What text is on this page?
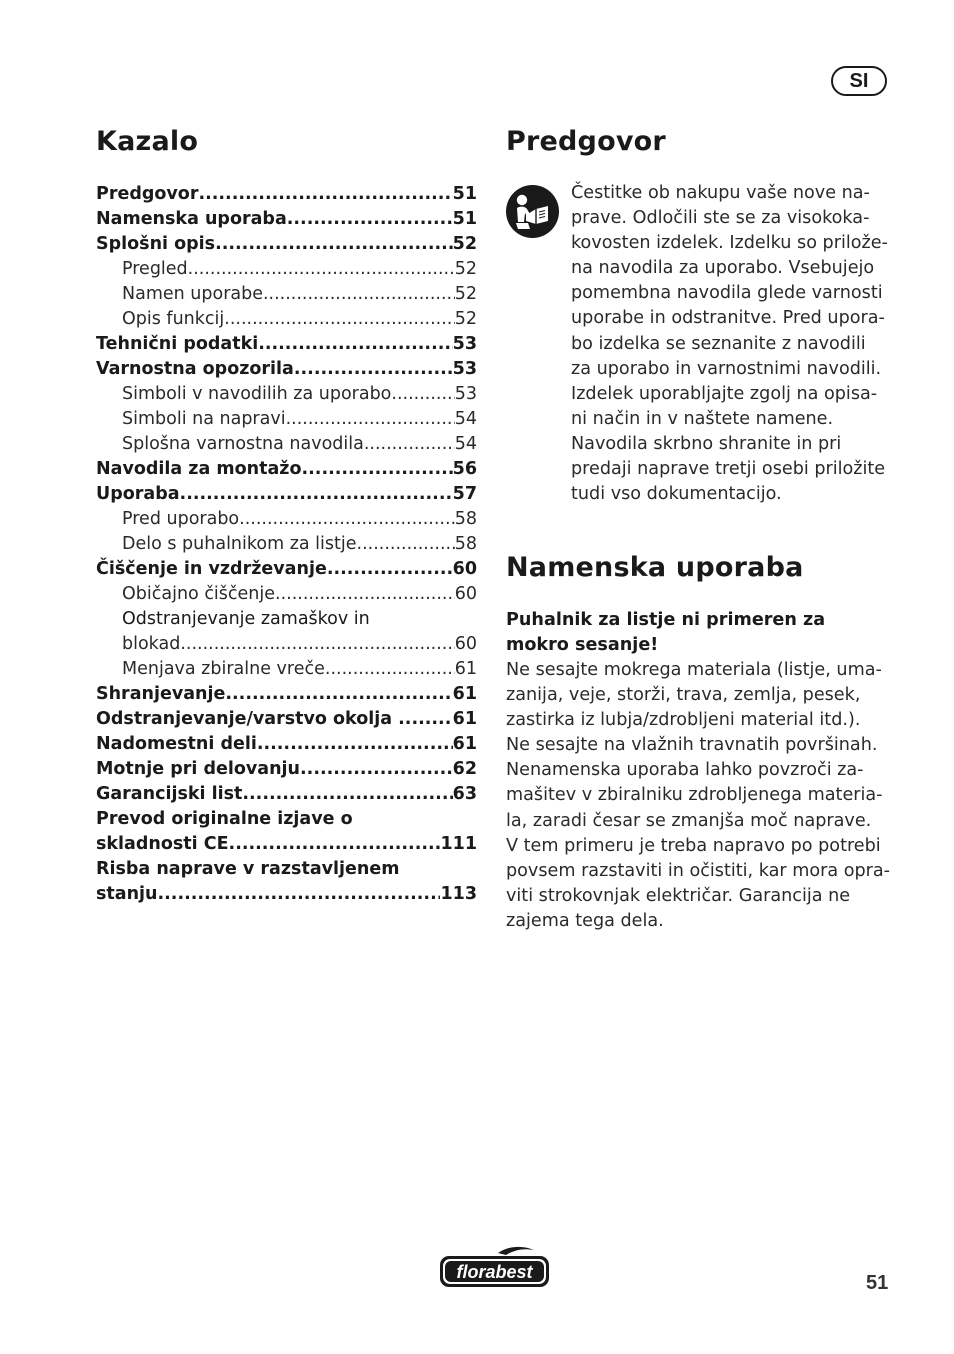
SI
Kazalo
Predgovor .....	51
Namenska uporaba .....	51
Splošni opis .....	52
Pregled .....	52
Namen uporabe .....	52
Opis funkcij .....	52
Tehnični podatki .....	53
Varnostna opozorila .....	53
Simboli v navodilih za uporabo .....	53
Simboli na napravi .....	54
Splošna varnostna navodila .....	54
Navodila za montažo .....	56
Uporaba .....	57
Pred uporabo .....	58
Delo s puhalnikom za listje .....	58
Čiščenje in vzdrževanje .....	60
Običajno čiščenje .....	60
Odstranjevanje zamaškov in
blokad .....	60
Menjava zbiralne vreče .....	61
Shranjevanje .....	61
Odstranjevanje/varstvo okolja .. ..... 61
Nadomestni deli .....	61
Motnje pri delovanju .....	62
Garancijski list .....	63
Prevod originalne izjave o
skladnosti CE .....	111
Risba naprave v razstavljenem
stanju .....	113
Predgovor
Čestitke ob nakupu vaše nove na-
prave. Odločili ste se za visokoka-
kovosten izdelek. Izdelku so prilože-
na navodila za uporabo. Vsebujejo
pomembna navodila glede varnosti
uporabe in odstranitve. Pred upora-
bo izdelka se seznanite z navodili
za uporabo in varnostnimi navodili.
Izdelek uporabljajte zgolj na opisa-
ni način in v naštete namene.
Navodila skrbno shranite in pri
predaji naprave tretji osebi priložite
tudi vso dokumentacijo.
Namenska uporaba
Puhalnik za listje ni primeren za
mokro sesanje!
Ne sesajte mokrega materiala (listje, uma-
zanija, veje, storži, trava, zemlja, pesek,
zastirka iz lubja/zdrobljeni material itd.).
Ne sesajte na vlažnih travnatih površinah.
Nenamenska uporaba lahko povzroči za-
mašitev v zbiralniku zdrobljenega materia-
la, zaradi česar se zmanjša moč naprave.
V tem primeru je treba napravo po potrebi
povsem razstaviti in očistiti, kar mora opra-
viti strokovnjak električar. Garancija ne
zajema tega dela.
florabest	51
